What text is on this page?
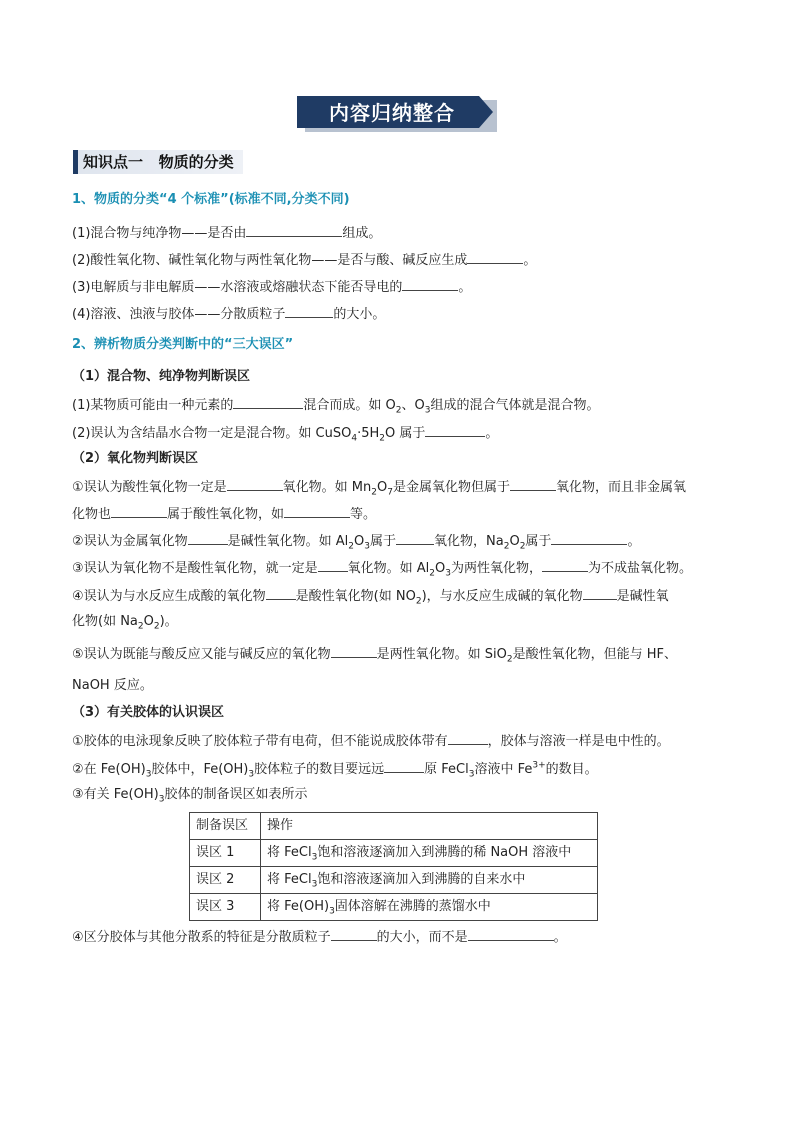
内容归纳整合
知识点一   物质的分类
1、物质的分类“4 个标准”(标准不同,分类不同)
(1)混合物与纯净物——是否由	组成。
(2)酸性氧化物、碱性氧化物与两性氧化物——是否与酸、碱反应生成	。
(3)电解质与非电解质——水溶液或熔融状态下能否导电的	。
(4)溶液、浊液与胶体——分散质粒子	的大小。
2、辨析物质分类判断中的“三大误区”
（1）混合物、纯净物判断误区
(1)某物质可能由一种元素的	混合而成。如 $O_2$、$O_3$组成的混合气体就是混合物。
(2)误认为含结晶水合物一定是混合物。如 $CuSO_4\cdot 5H_2O$ 属于	。
（2）氧化物判断误区
①误认为酸性氧化物一定是	氧化物。如 $Mn_2O_7$是金属氧化物但属于	氧化物，而且非金属氧
化物也	属于酸性氧化物，如	等。
②误认为金属氧化物	是碱性氧化物。如 $Al_2O_3$属于	氧化物，$Na_2O_2$属于	。
③误认为氧化物不是酸性氧化物，就一定是 氧化物。如 $Al_2O_3$为两性氧化物，	为不成盐氧化物。
④误认为与水反应生成酸的氧化物 是酸性氧化物(如 $NO_2$)，与水反应生成碱的氧化物	是碱性氧
化物(如 $Na_2O_2$)。
⑤误认为既能与酸反应又能与碱反应的氧化物	是两性氧化物。如 SiO$_2$是酸性氧化物，但能与 HF、
NaOH 反应。
（3）有关胶体的认识误区
①胶体的电泳现象反映了胶体粒子带有电荷，但不能说成胶体带有	，胶体与溶液一样是电中性的。
②在 $Fe(OH)_3$胶体中，$Fe(OH)_3$胶体粒子的数目要远远	原 FeCl$_3$溶液中 $Fe^{3+}$的数目。
③有关 $Fe(OH)_3$胶体的制备误区如表所示
制备误区	操作
误区 1	将 FeCl$_3$饱和溶液逐滴加入到沸腾的稀 NaOH 溶液中
误区 2	将 FeCl$_3$饱和溶液逐滴加入到沸腾的自来水中
误区 3	将 $Fe(OH)_3$固体溶解在沸腾的蒸馏水中
④区分胶体与其他分散系的特征是分散质粒子	的大小，而不是	。
